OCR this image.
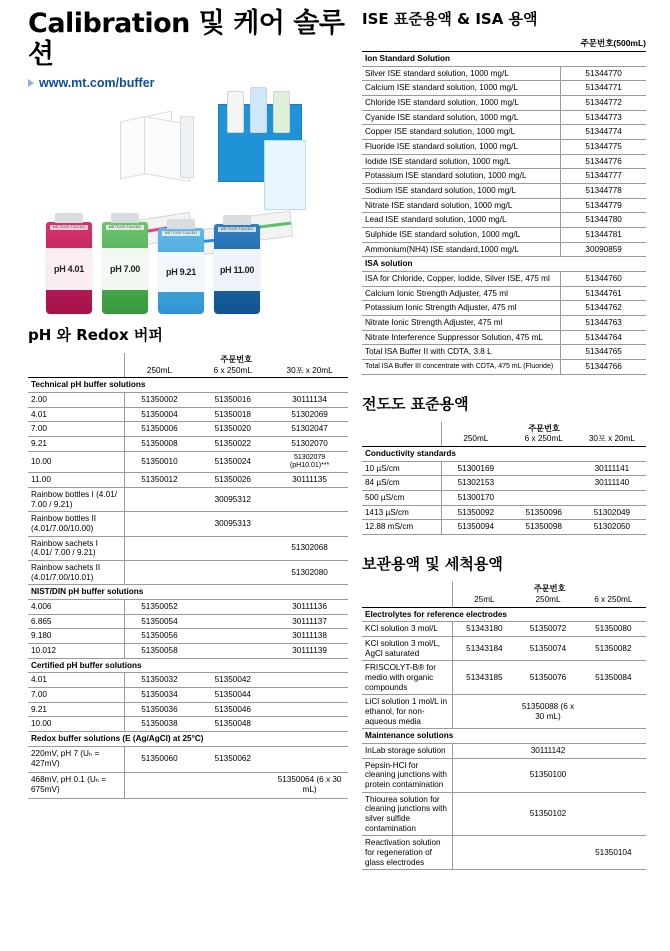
Calibration 및 케어 솔루션
www.mt.com/buffer
METTLER TOLEDO
pH 4.01
METTLER TOLEDO
pH 7.00
METTLER TOLEDO
pH 9.21
METTLER TOLEDO
pH 11.00
pH 와 Redox 버퍼
	주문번호		
	250mL	6 x 250mL	30포 x 20mL
Technical pH buffer solutions			
2.00	51350002	51350016	30111134
4.01	51350004	51350018	51302069
7.00	51350006	51350020	51302047
9.21	51350008	51350022	51302070
10.00	51350010	51350024	51302079 (pH10.01)***
11.00	51350012	51350026	30111135
Rainbow bottles I (4.01/ 7.00 / 9.21)		30095312	
Rainbow bottles II (4.01/7.00/10.00)		30095313	
Rainbow sachets I (4.01/ 7.00 / 9.21)			51302068
Rainbow sachets II (4.01/7.00/10.01)			51302080
NIST/DIN pH buffer solutions			
4.006	51350052		30111136
6.865	51350054		30111137
9.180	51350056		30111138
10.012	51350058		30111139
Certified pH buffer solutions			
4.01	51350032	51350042	
7.00	51350034	51350044	
9.21	51350036	51350046	
10.00	51350038	51350048	
Redox buffer solutions (E (Ag/AgCl) at 25°C)			
220mV, pH 7 (Uₕ = 427mV)	51350060	51350062	
468mV, pH 0.1 (Uₕ = 675mV)			51350064 (6 x 30 mL)
ISE 표준용액 & ISA 용액
주문번호(500mL)
Ion Standard Solution	
Silver ISE standard solution, 1000 mg/L	51344770
Calcium ISE standard solution, 1000 mg/L	51344771
Chloride ISE standard solution, 1000 mg/L	51344772
Cyanide ISE standard solution, 1000 mg/L	51344773
Copper ISE standard solution, 1000 mg/L	51344774
Fluoride ISE standard solution, 1000 mg/L	51344775
Iodide ISE standard solution, 1000 mg/L	51344776
Potassium ISE standard solution, 1000 mg/L	51344777
Sodium ISE standard solution, 1000 mg/L	51344778
Nitrate ISE standard solution, 1000 mg/L	51344779
Lead ISE standard solution, 1000 mg/L	51344780
Sulphide ISE standard solution, 1000 mg/L	51344781
Ammonium(NH4) ISE standard,1000 mg/L	30090859
ISA solution	
ISA for Chloride, Copper, Iodide, Silver ISE, 475 ml	51344760
Calcium Ionic Strength Adjuster, 475 ml	51344761
Potassium Ionic Strength Adjuster, 475 ml	51344762
Nitrate Ionic Strength Adjuster, 475 ml	51344763
Nitrate Interference Suppressor Solution, 475 mL	51344764
Total ISA Buffer II with CDTA, 3.8 L	51344765
Total ISA Buffer III concentrate with CDTA, 475 mL (Fluoride)	51344766
전도도 표준용액
	주문번호		
	250mL	6 x 250mL	30포 x 20mL
Conductivity standards			
10 µS/cm	51300169		30111141
84 µS/cm	51302153		30111140
500 µS/cm	51300170		
1413 µS/cm	51350092	51350096	51302049
12.88 mS/cm	51350094	51350098	51302050
보관용액 및 세척용액
	주문번호		
	25mL	250mL	6 x 250mL
Electrolytes for reference electrodes			
KCl solution 3 mol/L	51343180	51350072	51350080
KCl solution 3 mol/L, AgCl saturated	51343184	51350074	51350082
FRISCOLYT-B® for medio with organic compounds	51343185	51350076	51350084
LiCl solution 1 mol/L in ethanol, for non-aqueous media		51350088 (6 x 30 mL)	
Maintenance solutions			
InLab storage solution		30111142	
Pepsin-HCl for cleaning junctions with protein contamination		51350100	
Thiourea solution for cleaning junctions with silver sulfide contamination		51350102	
Reactivation solution for regeneration of glass electrodes			51350104
